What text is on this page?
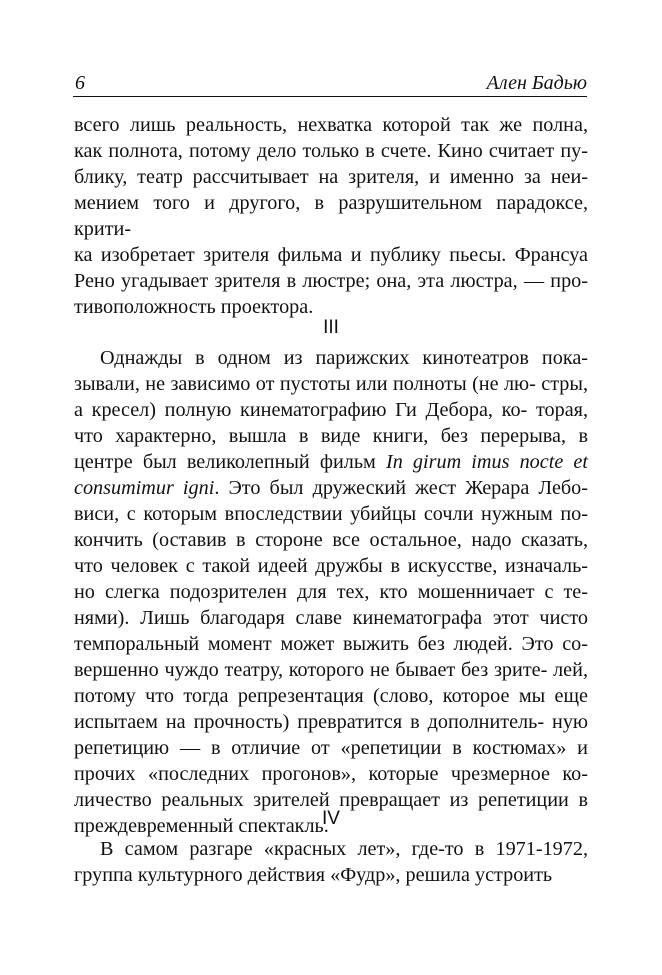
6	Ален Бадью
всего лишь реальность, нехватка которой так же полна,
как полнота, потому дело только в счете. Кино считает пу-
блику, театр рассчитывает на зрителя, и именно за неи-
мением того и другого, в разрушительном парадоксе, крити-
ка изобретает зрителя фильма и публику пьесы. Франсуа
Рено угадывает зрителя в люстре; она, эта люстра, — про-
тивоположность проектора.
III

Однажды в одном из парижских кинотеатров пока- зывали, не зависимо от пустоты или полноты (не лю- стры, а кресел) полную кинематографию Ги Дебора, ко- торая, что характерно, вышла в виде книги, без перерыва, в центре был великолепный фильм In girum imus nocte et consumimur igni. Это был дружеский жест Жерара Лебо- виси, с которым впоследствии убийцы сочли нужным по- кончить (оставив в стороне все остальное, надо сказать, что человек с такой идеей дружбы в искусстве, изначаль- но слегка подозрителен для тех, кто мошенничает с те- нями). Лишь благодаря славе кинематографа этот чисто темпоральный момент может выжить без людей. Это со- вершенно чуждо театру, которого не бывает без зрите- лей, потому что тогда репрезентация (слово, которое мы еще испытаем на прочность) превратится в дополнитель- ную репетицию — в отличие от «репетиции в костюмах» и прочих «последних прогонов», которые чрезмерное ко- личество реальных зрителей превращает из репетиции в преждевременный спектакль.

IV

В самом разгаре «красных лет», где-то в 1971-1972, группа культурного действия «Фудр», решила устроить
